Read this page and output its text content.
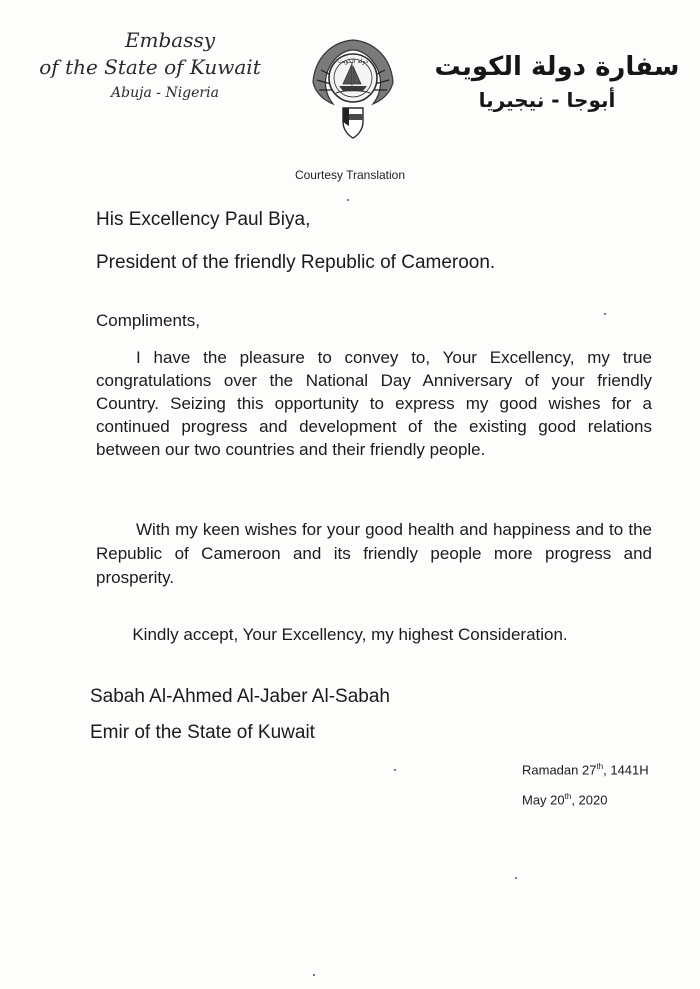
Embassy
of the State of Kuwait
Abuja - Nigeria
دولة الكويت	سفارة دولة الكويت
أبوجا - نيجيريا
Courtesy Translation
His Excellency Paul Biya,
President of the friendly Republic of Cameroon.
Compliments,
I have the pleasure to convey to, Your Excellency, my true congratulations over the National Day Anniversary of your friendly Country. Seizing this opportunity to express my good wishes for a continued progress and development of the existing good relations between our two countries and their friendly people.
With my keen wishes for your good health and happiness and to the Republic of Cameroon and its friendly people more progress and prosperity.
Kindly accept, Your Excellency, my highest Consideration.
Sabah Al-Ahmed Al-Jaber Al-Sabah
Emir of the State of Kuwait
Ramadan 27th, 1441H
May 20th, 2020
